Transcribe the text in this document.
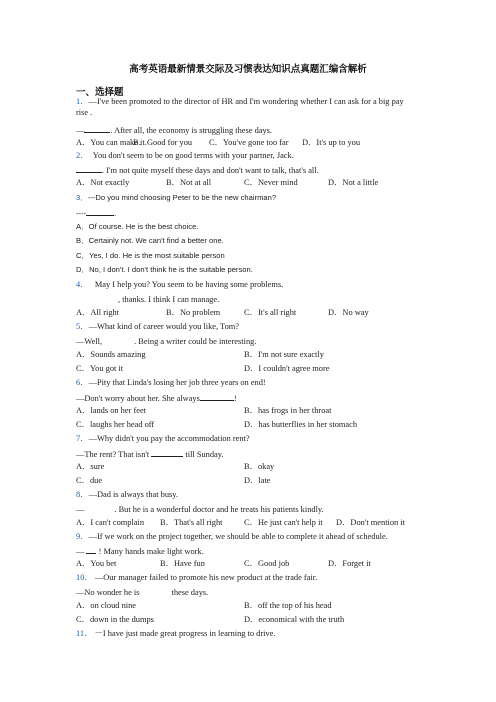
高考英语最新情景交际及习惯表达知识点真题汇编含解析
一、选择题
1．—I've been promoted to the director of HR and I'm wondering whether I can ask for a big pay
rise .
—	. After all, the economy is struggling these days.
A．You can make it.
B．Good for you C．You've gone too far D．It's up to you
2． You don't seem to be on good terms with your partner, Jack.
. I'm not quite myself these days and don't want to talk, that's all.
A．Not exactly	B．Not at all	C．Never mind	D．Not a little
3．---Do you mind choosing Peter to be the new chairman?
----	.
A．Of course. He is the best choice.
B．Certainly not. We can't find a better one.
C．Yes, I do. He is the most suitable person
D．No, I don't. I don't think he is the suitable person.
4． May I help you? You seem to be having some problems.
, thanks. I think I can manage.
A．All right	B．No problem	C．It's all right	D．No way
5．—What kind of career would you like, Tom?
—Well,	. Being a writer could be interesting.
A．Sounds amazing	B．I'm not sure exactly
C．You got it	D．I couldn't agree more
6．—Pity that Linda's losing her job three years on end!
—Don't worry about her. She always	!
A．lands on her feet	B．has frogs in her throat
C．laughs her head off	D．has butterflies in her stomach
7．—Why didn't you pay the accommodation rent?
—The rent? That isn't	till Sunday.
A．sure	B．okay
C．due	D．late
8．—Dad is always that busy.
—	. But he is a wonderful doctor and he treats his patients kindly.
A．I can't complain B．That's all right	C．He just can't help it D．Don't mention it
9．—If we work on the project together, we should be able to complete it ahead of schedule.
— ! Many hands make light work.
A．You bet	B．Have fun	C．Good job	D．Forget it
10． —Our manager failed to promote his new product at the trade fair.
—No wonder he is	these days.
A．on cloud nine	B．off the top of his head
C．down in the dumps	D．economical with the truth
11． －I have just made great progress in learning to drive.
